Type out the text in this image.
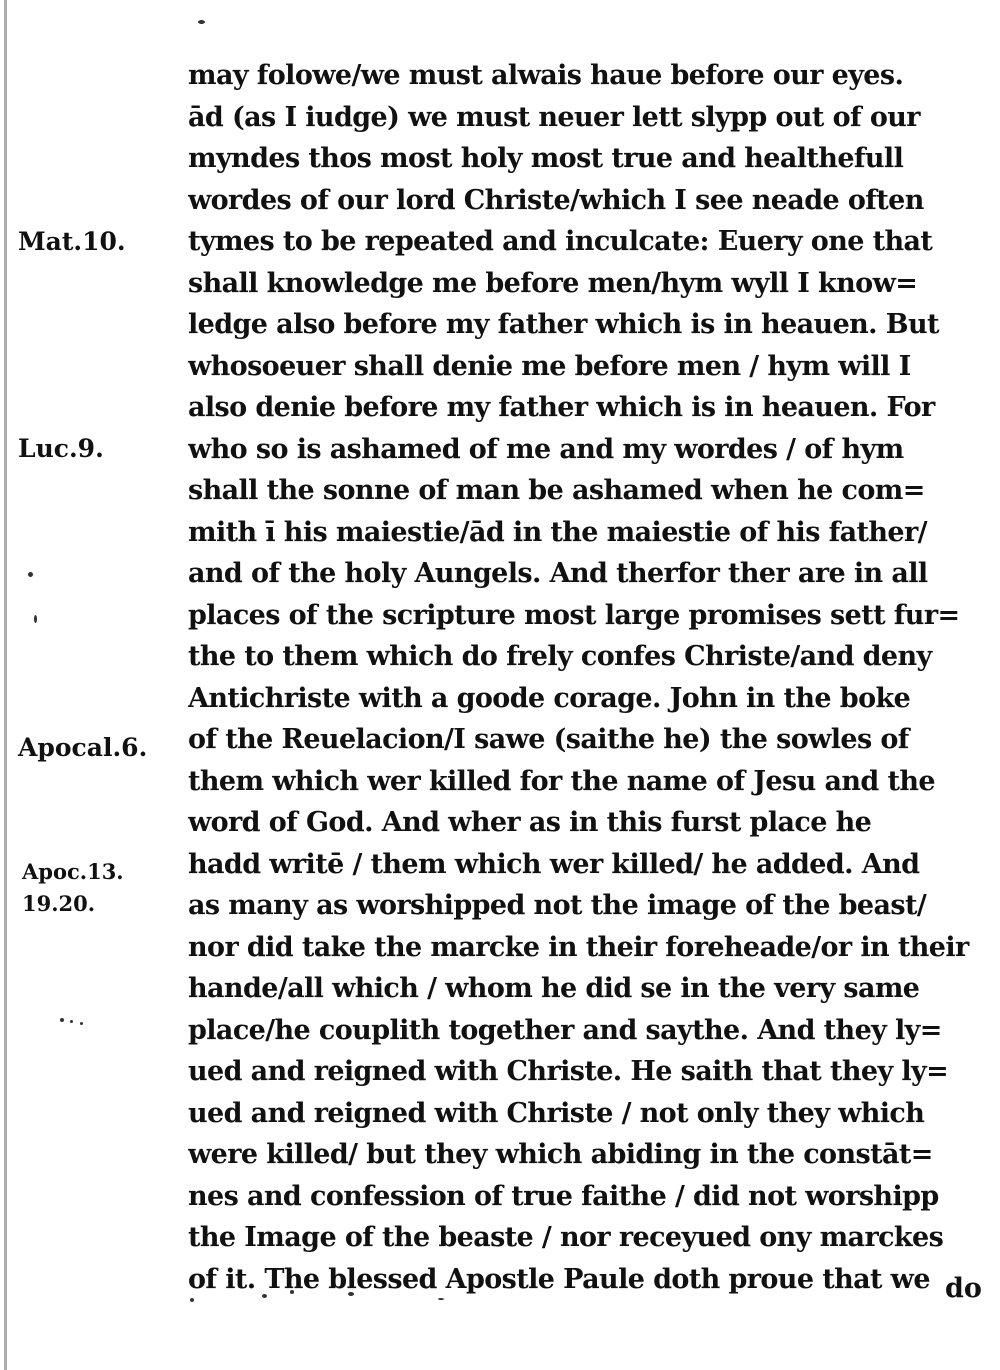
Mat.10.
Luc.9.
Apocal.6.
Apoc.13.
19.20.
may folowe/we must alwais haue before our eyes.
ād (as I iudge) we must neuer lett slypp out of our
myndes thos most holy most true and healthefull
wordes of our lord Christe/which I see neade often
tymes to be repeated and inculcate: Euery one that
shall knowledge me before men/hym wyll I know=
ledge also before my father which is in heauen. But
whosoeuer shall denie me before men / hym will I
also denie before my father which is in heauen. For
who so is ashamed of me and my wordes / of hym
shall the sonne of man be ashamed when he com=
mith ī his maiestie/ād in the maiestie of his father/
and of the holy Aungels. And therfor ther are in all
places of the scripture most large promises sett fur=
the to them which do frely confes Christe/and deny
Antichriste with a goode corage. John in the boke
of the Reuelacion/I sawe (saithe he) the sowles of
them which wer killed for the name of Jesu and the
word of God. And wher as in this furst place he
hadd writē / them which wer killed/ he added. And
as many as worshipped not the image of the beast/
nor did take the marcke in their foreheade/or in their
hande/all which / whom he did se in the very same
place/he couplith together and saythe. And they ly=
ued and reigned with Christe. He saith that they ly=
ued and reigned with Christe / not only they which
were killed/ but they which abiding in the constāt=
nes and confession of true faithe / did not worshipp
the Image of the beaste / nor receyued ony marckes
of it. The blessed Apostle Paule doth proue that we do
